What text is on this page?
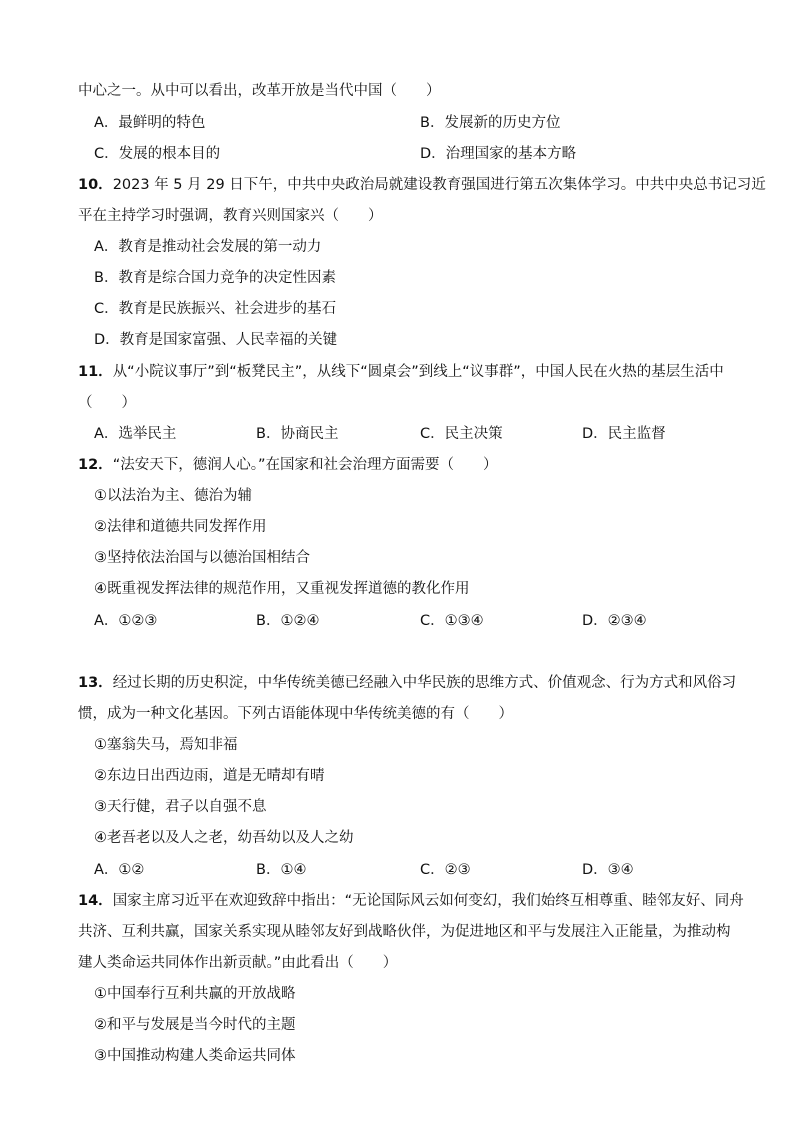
中心之一。从中可以看出，改革开放是当代中国（　　）
A．最鲜明的特色	B．发展新的历史方位
C．发展的根本目的	D．治理国家的基本方略
10．2023 年 5 月 29 日下午，中共中央政治局就建设教育强国进行第五次集体学习。中共中央总书记习近
平在主持学习时强调，教育兴则国家兴（　　）
A．教育是推动社会发展的第一动力
B．教育是综合国力竞争的决定性因素
C．教育是民族振兴、社会进步的基石
D．教育是国家富强、人民幸福的关键
11．从“小院议事厅”到“板凳民主”，从线下“圆桌会”到线上“议事群”，中国人民在火热的基层生活中
（　　）
A．选举民主	B．协商民主	C．民主决策	D．民主监督
12．“法安天下，德润人心。”在国家和社会治理方面需要（　　）
①以法治为主、德治为辅
②法律和道德共同发挥作用
③坚持依法治国与以德治国相结合
④既重视发挥法律的规范作用，又重视发挥道德的教化作用
A．①②③	B．①②④	C．①③④	D．②③④
13．经过长期的历史积淀，中华传统美德已经融入中华民族的思维方式、价值观念、行为方式和风俗习
惯，成为一种文化基因。下列古语能体现中华传统美德的有（　　）
①塞翁失马，焉知非福
②东边日出西边雨，道是无晴却有晴
③天行健，君子以自强不息
④老吾老以及人之老，幼吾幼以及人之幼
A．①②	B．①④	C．②③	D．③④
14．国家主席习近平在欢迎致辞中指出：“无论国际风云如何变幻，我们始终互相尊重、睦邻友好、同舟
共济、互利共赢，国家关系实现从睦邻友好到战略伙伴，为促进地区和平与发展注入正能量，为推动构
建人类命运共同体作出新贡献。”由此看出（　　）
①中国奉行互利共赢的开放战略
②和平与发展是当今时代的主题
③中国推动构建人类命运共同体
